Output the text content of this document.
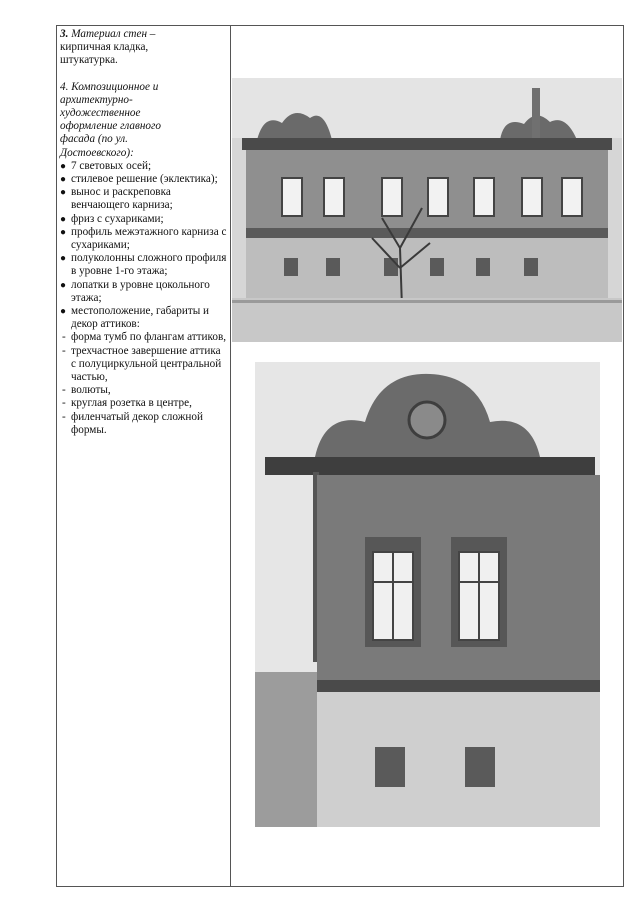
3. Материал стен –

кирпичная кладка,

штукатурка.

4. Композиционное и

архитектурно-

художественное

оформление главного

фасада (по ул.

Достоевского):

● 7 световых осей;
● стилевое решение (эклектика);
● вынос и раскреповка венчающего карниза;
● фриз с сухариками;
● профиль межэтажного карниза с сухариками;
● полуколонны сложного профиля в уровне 1-го этажа;
● лопатки в уровне цокольного этажа;
● местоположение, габариты и декор аттиков:
- форма тумб по флангам аттиков,
- трехчастное завершение аттика с полуциркульной центральной частью,
- волюты,
- круглая розетка в центре,
- филенчатый декор сложной формы.
